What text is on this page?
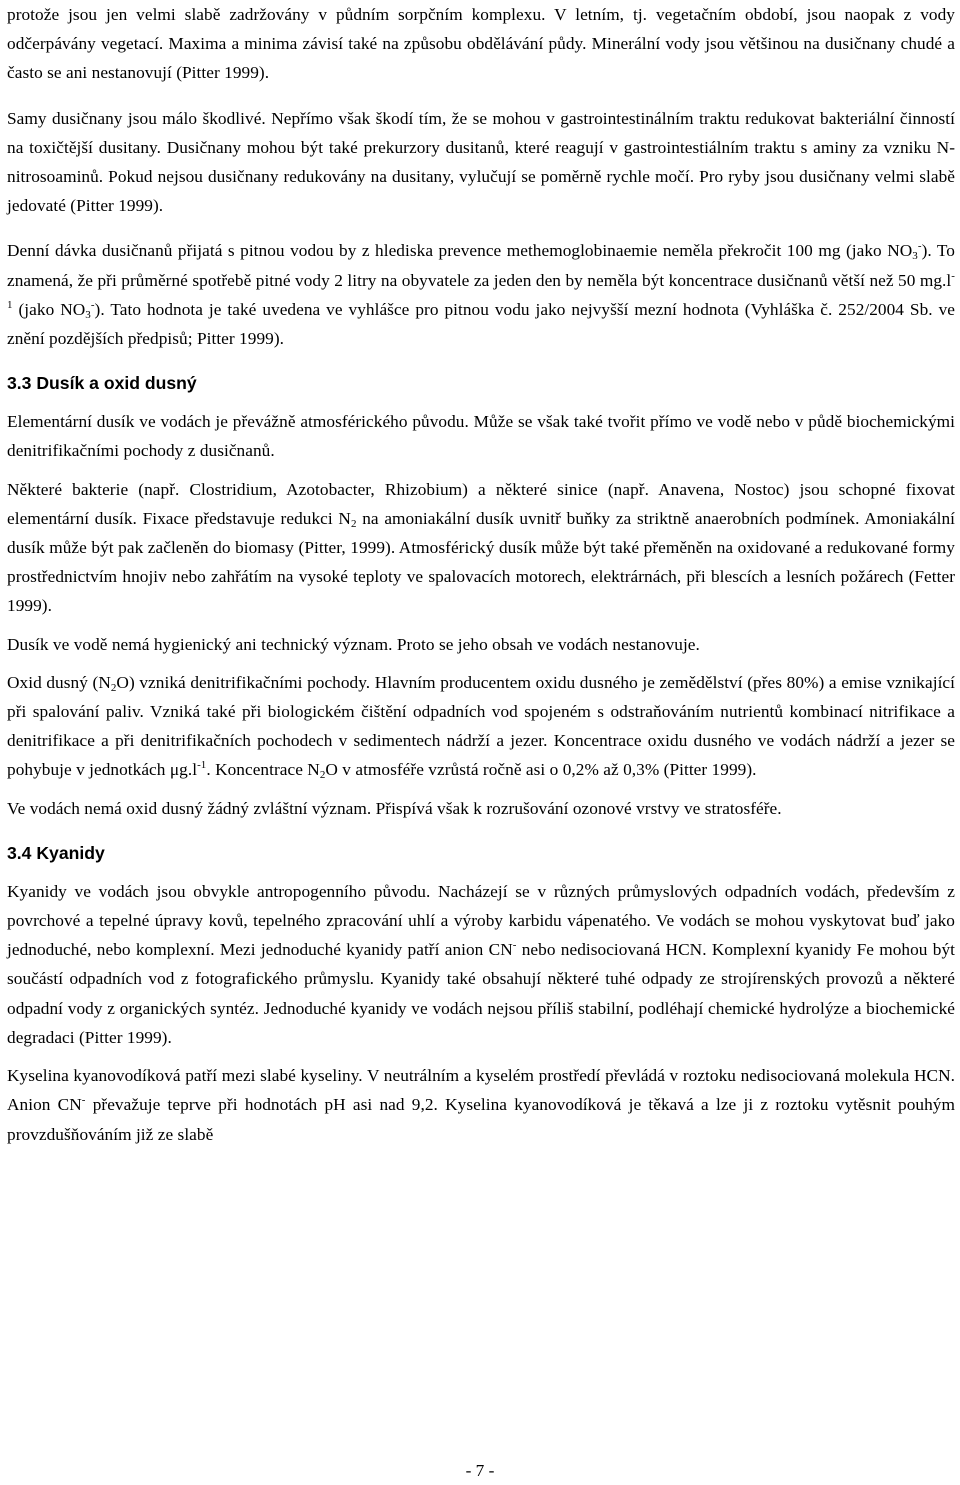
protože jsou jen velmi slabě zadržovány v půdním sorpčním komplexu. V letním, tj. vegetačním období, jsou naopak z vody odčerpávány vegetací. Maxima a minima závisí také na způsobu obdělávání půdy. Minerální vody jsou většinou na dusičnany chudé a často se ani nestanovují (Pitter 1999).

Samy dusičnany jsou málo škodlivé. Nepřímo však škodí tím, že se mohou v gastrointestinálním traktu redukovat bakteriální činností na toxičtější dusitany. Dusičnany mohou být také prekurzory dusitanů, které reagují v gastrointestiálním traktu s aminy za vzniku N-nitrosoaminů. Pokud nejsou dusičnany redukovány na dusitany, vylučují se poměrně rychle močí. Pro ryby jsou dusičnany velmi slabě jedovaté (Pitter 1999).

Denní dávka dusičnanů přijatá s pitnou vodou by z hlediska prevence methemoglobinaemie neměla překročit 100 mg (jako $NO_3^-$). To znamená, že při průměrné spotřebě pitné vody 2 litry na obyvatele za jeden den by neměla být koncentrace dusičnanů větší než 50 $mg.l^{-1}$ (jako $NO_3^-$). Tato hodnota je také uvedena ve vyhlášce pro pitnou vodu jako nejvyšší mezní hodnota (Vyhláška č. 252/2004 Sb. ve znění pozdějších předpisů; Pitter 1999).

3.3 Dusík a oxid dusný

Elementární dusík ve vodách je převážně atmosférického původu. Může se však také tvořit přímo ve vodě nebo v půdě biochemickými denitrifikačními pochody z dusičnanů.

Některé bakterie (např. Clostridium, Azotobacter, Rhizobium) a některé sinice (např. Anavena, Nostoc) jsou schopné fixovat elementární dusík. Fixace představuje redukci $N_2$ na amoniakální dusík uvnitř buňky za striktně anaerobních podmínek. Amoniakální dusík může být pak začleněn do biomasy (Pitter, 1999). Atmosférický dusík může být také přeměněn na oxidované a redukované formy prostřednictvím hnojiv nebo zahřátím na vysoké teploty ve spalovacích motorech, elektrárnách, při blescích a lesních požárech (Fetter 1999).

Dusík ve vodě nemá hygienický ani technický význam. Proto se jeho obsah ve vodách nestanovuje.

Oxid dusný $(N_2O)$ vzniká denitrifikačními pochody. Hlavním producentem oxidu dusného je zemědělství (přes 80%) a emise vznikající při spalování paliv. Vzniká také při biologickém čištění odpadních vod spojeném s odstraňováním nutrientů kombinací nitrifikace a denitrifikace a při denitrifikačních pochodech v sedimentech nádrží a jezer. Koncentrace oxidu dusného ve vodách nádrží a jezer se pohybuje v jednotkách $\mu g.l^{-1}$. Koncentrace $N_2O$ v atmosféře vzrůstá ročně asi o 0,2% až 0,3% (Pitter 1999).

Ve vodách nemá oxid dusný žádný zvláštní význam. Přispívá však k rozrušování ozonové vrstvy ve stratosféře.

3.4 Kyanidy

Kyanidy ve vodách jsou obvykle antropogenního původu. Nacházejí se v různých průmyslových odpadních vodách, především z povrchové a tepelné úpravy kovů, tepelného zpracování uhlí a výroby karbidu vápenatého. Ve vodách se mohou vyskytovat buď jako jednoduché, nebo komplexní. Mezi jednoduché kyanidy patří anion CN- nebo nedisociovaná HCN. Komplexní kyanidy Fe mohou být součástí odpadních vod z fotografického průmyslu. Kyanidy také obsahují některé tuhé odpady ze strojírenských provozů a některé odpadní vody z organických syntéz. Jednoduché kyanidy ve vodách nejsou příliš stabilní, podléhají chemické hydrolýze a biochemické degradaci (Pitter 1999).

Kyselina kyanovodíková patří mezi slabé kyseliny. V neutrálním a kyselém prostředí převládá v roztoku nedisociovaná molekula HCN. Anion CN- převažuje teprve při hodnotách pH asi nad 9,2. Kyselina kyanovodíková je těkavá a lze ji z roztoku vytěsnit pouhým provzdušňováním již ze slabě

- 7 -
